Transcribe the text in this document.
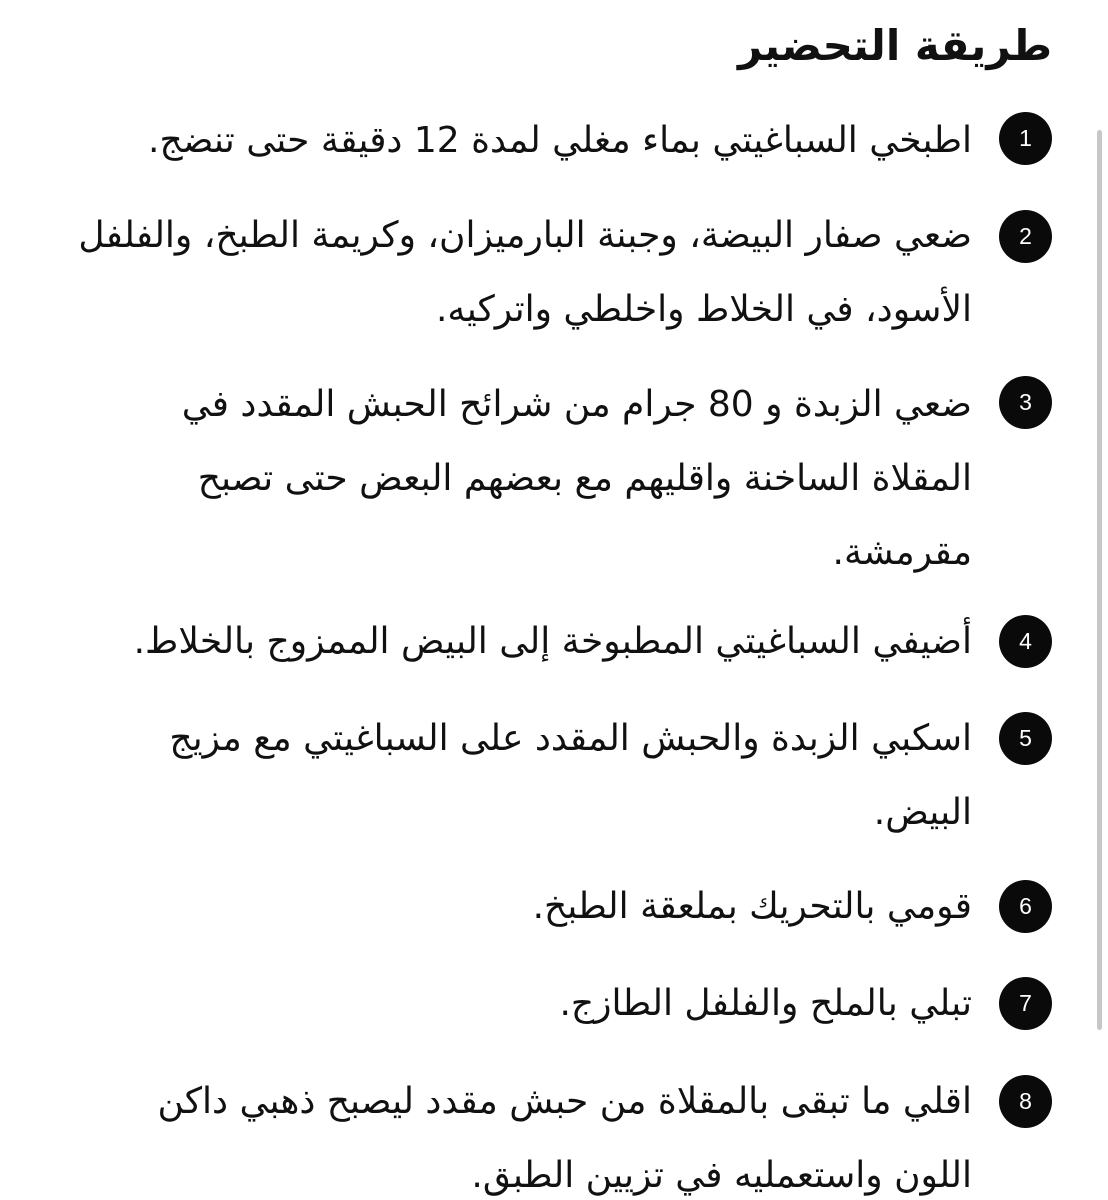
طريقة التحضير
1

اطبخي السباغيتي بماء مغلي لمدة 12 دقيقة حتى تنضج.

2

ضعي صفار البيضة، وجبنة البارميزان، وكريمة الطبخ، والفلفل الأسود، في الخلاط واخلطي واتركيه.

3

ضعي الزبدة و 80 جرام من شرائح الحبش المقدد في المقلاة الساخنة واقليهم مع بعضهم البعض حتى تصبح مقرمشة.

4

أضيفي السباغيتي المطبوخة إلى البيض الممزوج بالخلاط.

5

اسكبي الزبدة والحبش المقدد على السباغيتي مع مزيج البيض.

6

قومي بالتحريك بملعقة الطبخ.

7

تبلي بالملح والفلفل الطازج.

8

اقلي ما تبقى بالمقلاة من حبش مقدد ليصبح ذهبي داكن اللون واستعمليه في تزيين الطبق.
